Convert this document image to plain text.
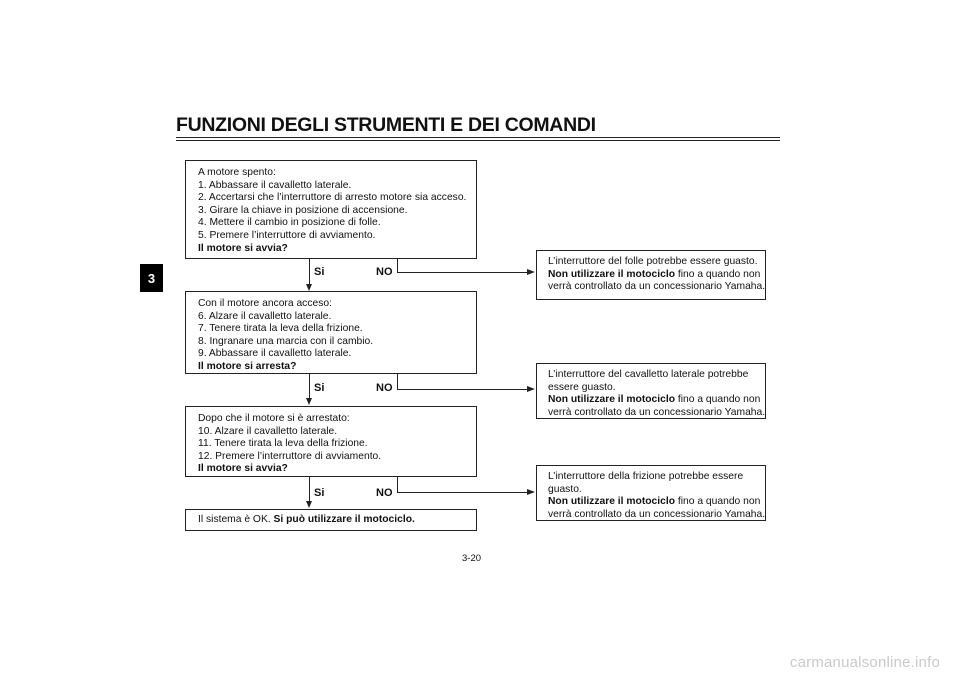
FUNZIONI DEGLI STRUMENTI E DEI COMANDI
3
A motore spento:
1. Abbassare il cavalletto laterale.
2. Accertarsi che l’interruttore di arresto motore sia acceso.
3. Girare la chiave in posizione di accensione.
4. Mettere il cambio in posizione di folle.
5. Premere l’interruttore di avviamento.
Il motore si avvia?
Si	NO
L’interruttore del folle potrebbe essere guasto.
Non utilizzare il motociclo fino a quando non
verrà controllato da un concessionario Yamaha.
Con il motore ancora acceso:
6. Alzare il cavalletto laterale.
7. Tenere tirata la leva della frizione.
8. Ingranare una marcia con il cambio.
9. Abbassare il cavalletto laterale.
Il motore si arresta?
Si	NO
L’interruttore del cavalletto laterale potrebbe
essere guasto.
Non utilizzare il motociclo fino a quando non
verrà controllato da un concessionario Yamaha.
Dopo che il motore si è arrestato:
10. Alzare il cavalletto laterale.
11. Tenere tirata la leva della frizione.
12. Premere l’interruttore di avviamento.
Il motore si avvia?
Si	NO
L’interruttore della frizione potrebbe essere
guasto.
Non utilizzare il motociclo fino a quando non
verrà controllato da un concessionario Yamaha.
Il sistema è OK. Si può utilizzare il motociclo.
3-20
carmanualsonline.info
